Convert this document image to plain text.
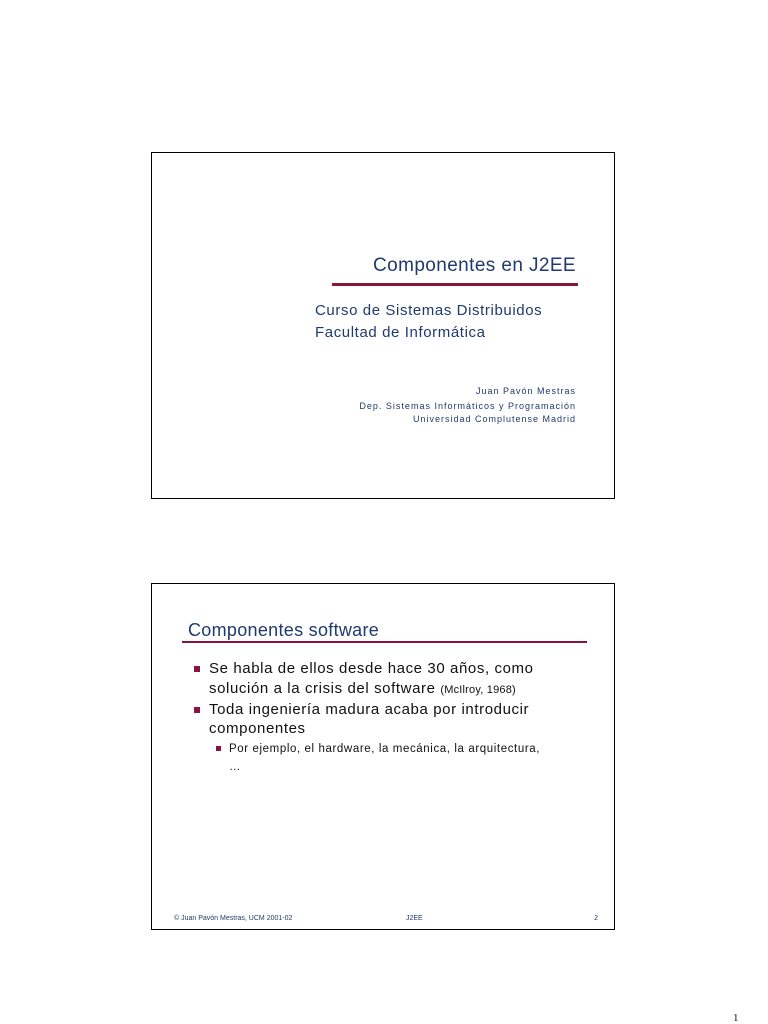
Componentes en J2EE
Curso de Sistemas Distribuidos
Facultad de Informática
Juan Pavón Mestras
Dep. Sistemas Informáticos y Programación
Universidad Complutense Madrid
Componentes software
Se habla de ellos desde hace 30 años, como
solución a la crisis del software (McIlroy, 1968)
Toda ingeniería madura acaba por introducir
componentes
Por ejemplo, el hardware, la mecánica, la arquitectura,
…
© Juan Pavón Mestras, UCM 2001-02	J2EE	2
1
